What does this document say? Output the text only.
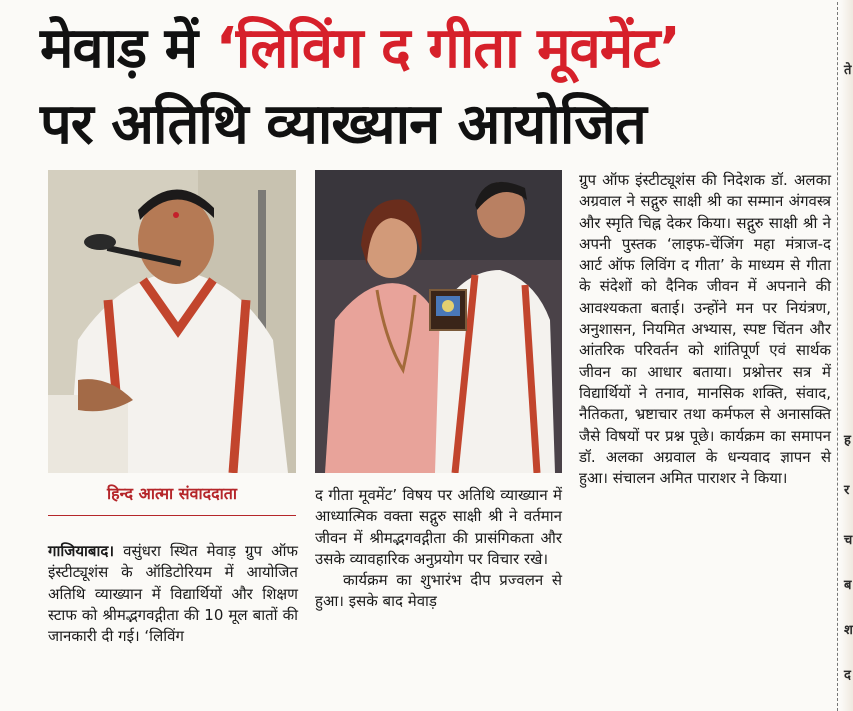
मेवाड़ में ‘लिविंग द गीता मूवमेंट’
पर अतिथि व्याख्यान आयोजित
हिन्द आत्मा संवाददाता

गाजियाबाद। वसुंधरा स्थित मेवाड़ ग्रुप ऑफ इंस्टीट्यूशंस के ऑडिटोरियम में आयोजित अतिथि व्याख्यान में विद्यार्थियों और शिक्षण स्टाफ को श्रीमद्भगवद्गीता की 10 मूल बातों की जानकारी दी गई। ‘लिविंग

द गीता मूवमेंट’ विषय पर अतिथि व्याख्यान में आध्यात्मिक वक्ता सद्गुरु साक्षी श्री ने वर्तमान जीवन में श्रीमद्भगवद्गीता की प्रासंगिकता और उसके व्यावहारिक अनुप्रयोग पर विचार रखे।

कार्यक्रम का शुभारंभ दीप प्रज्वलन से हुआ। इसके बाद मेवाड़

ग्रुप ऑफ इंस्टीट्यूशंस की निदेशक डॉ. अलका अग्रवाल ने सद्गुरु साक्षी श्री का सम्मान अंगवस्त्र और स्मृति चिह्न देकर किया। सद्गुरु साक्षी श्री ने अपनी पुस्तक ‘लाइफ-चेंजिंग महा मंत्राज-द आर्ट ऑफ लिविंग द गीता’ के माध्यम से गीता के संदेशों को दैनिक जीवन में अपनाने की आवश्यकता बताई। उन्होंने मन पर नियंत्रण, अनुशासन, नियमित अभ्यास, स्पष्ट चिंतन और आंतरिक परिवर्तन को शांतिपूर्ण एवं सार्थक जीवन का आधार बताया। प्रश्नोत्तर सत्र में विद्यार्थियों ने तनाव, मानसिक शक्ति, संवाद, नैतिकता, भ्रष्टाचार तथा कर्मफल से अनासक्ति जैसे विषयों पर प्रश्न पूछे। कार्यक्रम का समापन डॉ. अलका अग्रवाल के धन्यवाद ज्ञापन से हुआ। संचालन अमित पाराशर ने किया।

ते
ह
र
च
ब
श
द
